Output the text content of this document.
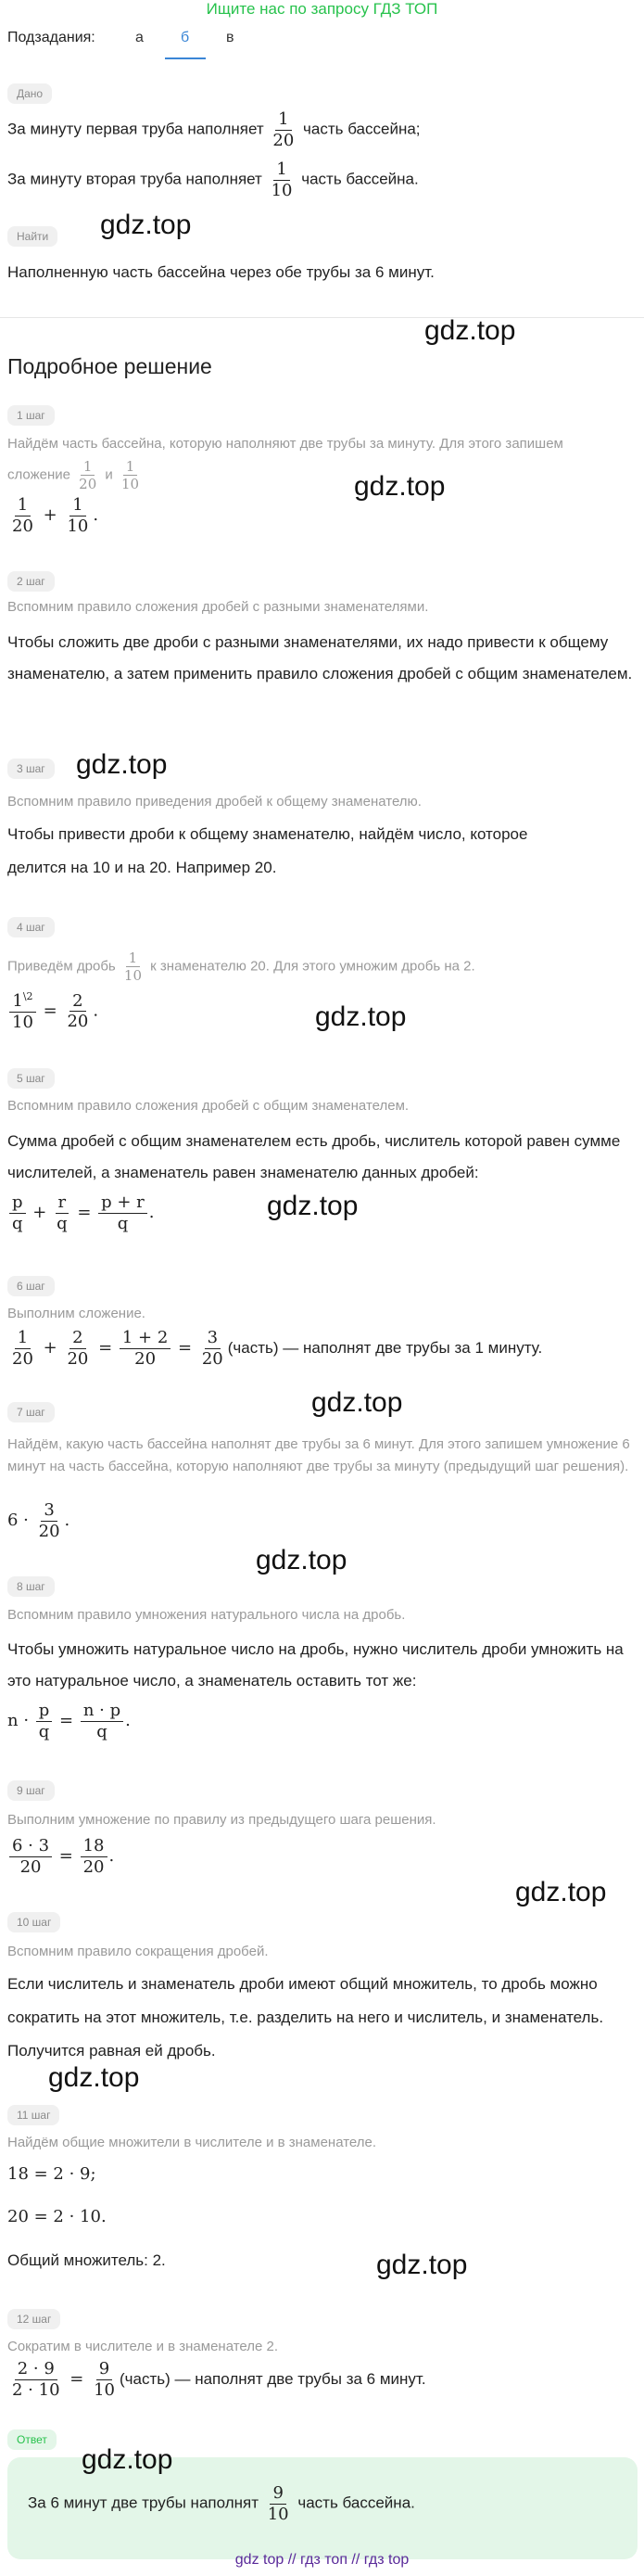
Ищите нас по запросу ГДЗ ТОП
Подзадания:	а	б в
Дано
За минуту первая труба наполняет $\frac{1}{20}$ часть бассейна;
За минуту вторая труба наполняет $\frac{1}{10}$ часть бассейна.
Найти	gdz.top
Наполненную часть бассейна через обе трубы за 6 минут.
gdz.top
Подробное решение
1 шаг
Найдём часть бассейна, которую наполняют две трубы за минуту. Для этого запишем
сложение $\frac{1}{20}$ и $\frac{1}{10}$	gdz.top
$\frac{1}{20} + \frac{1}{10}$ .
2 шаг
Вспомним правило сложения дробей с разными знаменателями.
Чтобы сложить две дроби с разными знаменателями, их надо привести к общему знаменателю, а затем применить правило сложения дробей с общим знаменателем.
3 шаг	gdz.top
Вспомним правило приведения дробей к общему знаменателю.
Чтобы привести дроби к общему знаменателю, найдём число, которое
делится на 10 и на 20. Например 20.
4 шаг
Приведём дробь $\frac{1}{10}$ к знаменателю 20. Для этого умножим дробь на 2.
$\frac{1^{\backslash 2}}{10} = \frac{2}{20}$ .	gdz.top
5 шаг
Вспомним правило сложения дробей с общим знаменателем.
Сумма дробей с общим знаменателем есть дробь, числитель которой равен сумме числителей, а знаменатель равен знаменателю данных дробей:
$\frac{p}{q} + \frac{r}{q} = \frac{p + r}{q}$ .	gdz.top
6 шаг
Выполним сложение.
$\frac{1}{20} + \frac{2}{20} = \frac{1 + 2}{20} = \frac{3}{20}$ (часть) — наполнят две трубы за 1 минуту.
7 шаг	gdz.top
Найдём, какую часть бассейна наполнят две трубы за 6 минут. Для этого запишем умножение 6 минут на часть бассейна, которую наполняют две трубы за минуту (предыдущий шаг решения).
$6 \cdot \frac{3}{20}$ .
gdz.top
8 шаг
Вспомним правило умножения натурального числа на дробь.
Чтобы умножить натуральное число на дробь, нужно числитель дроби умножить на это натуральное число, а знаменатель оставить тот же:
$n \cdot \frac{p}{q} = \frac{n \cdot p}{q}$ .
9 шаг
Выполним умножение по правилу из предыдущего шага решения.
$\frac{6 \cdot 3}{20} = \frac{18}{20}$ .
gdz.top
10 шаг
Вспомним правило сокращения дробей.
Если числитель и знаменатель дроби имеют общий множитель, то дробь можно сократить на этот множитель, т.е. разделить на него и числитель, и знаменатель. Получится равная ей дробь.
gdz.top
11 шаг
Найдём общие множители в числителе и в знаменателе.
18 = 2 · 9;
20 = 2 · 10.
Общий множитель: 2.	gdz.top
12 шаг
Сократим в числителе и в знаменателе 2.
$\frac{2 \cdot 9}{2 \cdot 10} = \frac{9}{10}$ (часть) — наполнят две трубы за 6 минут.
Ответ
gdz.top
За 6 минут две трубы наполнят $\frac{9}{10}$ часть бассейна.
gdz top // гдз топ // гдз top
